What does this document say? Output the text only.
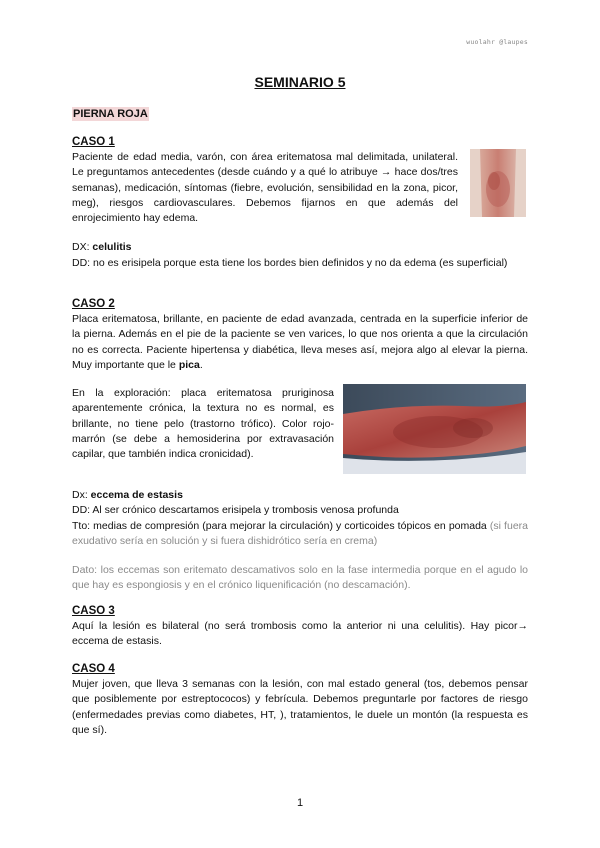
wuolahr @laupes
SEMINARIO 5
PIERNA ROJA
CASO 1

Paciente de edad media, varón, con área eritematosa mal delimitada, unilateral. Le preguntamos antecedentes (desde cuándo y a qué lo atribuye → hace dos/tres semanas), medicación, síntomas (fiebre, evolución, sensibilidad en la zona, picor, meg), riesgos cardiovasculares. Debemos fijarnos en que además del enrojecimiento hay edema.

DX: celulitis

DD: no es erisipela porque esta tiene los bordes bien definidos y no da edema (es superficial)

CASO 2

Placa eritematosa, brillante, en paciente de edad avanzada, centrada en la superficie inferior de la pierna. Además en el pie de la paciente se ven varices, lo que nos orienta a que la circulación no es correcta. Paciente hipertensa y diabética, lleva meses así, mejora algo al elevar la pierna. Muy importante que le pica.

En la exploración: placa eritematosa pruriginosa aparentemente crónica, la textura no es normal, es brillante, no tiene pelo (trastorno trófico). Color rojo-marrón (se debe a hemosiderina por extravasación capilar, que también indica cronicidad).

Dx: eccema de estasis

DD: Al ser crónico descartamos erisipela y trombosis venosa profunda

Tto: medias de compresión (para mejorar la circulación) y corticoides tópicos en pomada (si fuera exudativo sería en solución y si fuera dishidrótico sería en crema)

Dato: los eccemas son eritemato descamativos solo en la fase intermedia porque en el agudo lo que hay es espongiosis y en el crónico liquenificación (no descamación).

CASO 3

Aquí la lesión es bilateral (no será trombosis como la anterior ni una celulitis). Hay picor→ eccema de estasis.

CASO 4

Mujer joven, que lleva 3 semanas con la lesión, con mal estado general (tos, debemos pensar que posiblemente por estreptococos) y febrícula. Debemos preguntarle por factores de riesgo (enfermedades previas como diabetes, HT, ), tratamientos, le duele un montón (la respuesta es que sí).

1
